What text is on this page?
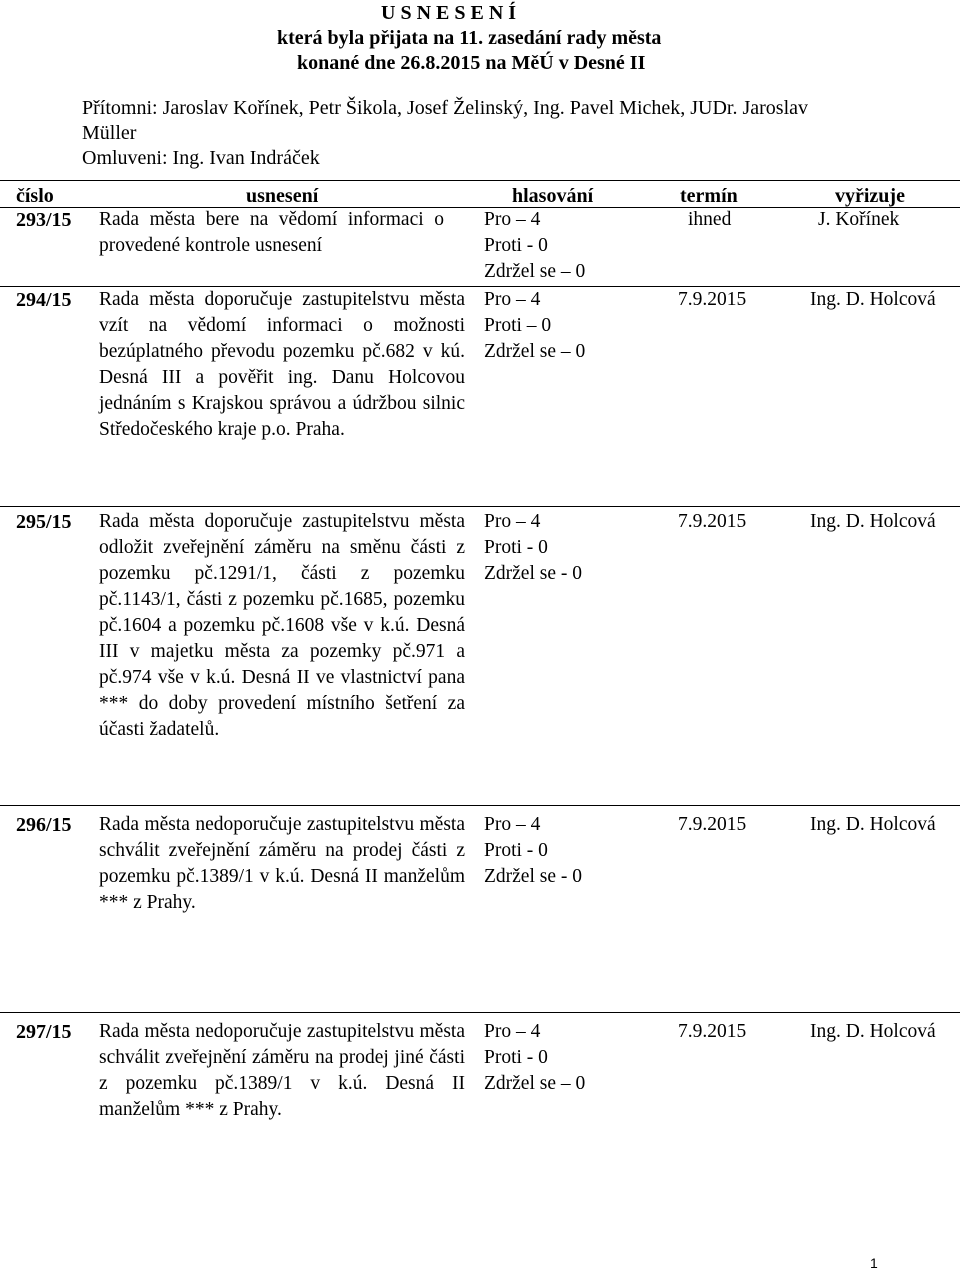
U S N E S E N Í
která byla přijata na 11. zasedání rady města
konané dne 26.8.2015 na MěÚ v Desné II
Přítomni: Jaroslav Kořínek, Petr Šikola, Josef Želinský, Ing. Pavel Michek, JUDr. Jaroslav
Müller
Omluveni: Ing. Ivan Indráček
číslo	usnesení	hlasování	termín	vyřizuje
293/15 Rada města bere na vědomí informaci o provedené kontrole usnesení
Pro – 4
Proti - 0
Zdržel se – 0
ihned	J. Kořínek
294/15 Rada města doporučuje zastupitelstvu města vzít na vědomí informaci o možnosti bezúplatného převodu pozemku pč.682 v kú. Desná III a pověřit ing. Danu Holcovou jednáním s Krajskou správou a údržbou silnic Středočeského kraje p.o. Praha.
Pro – 4
Proti – 0
Zdržel se – 0
7.9.2015	Ing. D. Holcová
295/15 Rada města doporučuje zastupitelstvu města odložit zveřejnění záměru na směnu části z pozemku pč.1291/1, části z pozemku pč.1143/1, části z pozemku pč.1685, pozemku pč.1604 a pozemku pč.1608 vše v k.ú. Desná III v majetku města za pozemky pč.971 a pč.974 vše v k.ú. Desná II ve vlastnictví pana *** do doby provedení místního šetření za účasti žadatelů.
Pro – 4
Proti - 0
Zdržel se - 0
7.9.2015	Ing. D. Holcová
296/15 Rada města nedoporučuje zastupitelstvu města schválit zveřejnění záměru na prodej části z pozemku pč.1389/1 v k.ú. Desná II manželům *** z Prahy.
Pro – 4
Proti - 0
Zdržel se - 0
7.9.2015	Ing. D. Holcová
297/15 Rada města nedoporučuje zastupitelstvu města schválit zveřejnění záměru na prodej jiné části z pozemku pč.1389/1 v k.ú. Desná II manželům *** z Prahy.
Pro – 4
Proti - 0
Zdržel se – 0
7.9.2015	Ing. D. Holcová
1
